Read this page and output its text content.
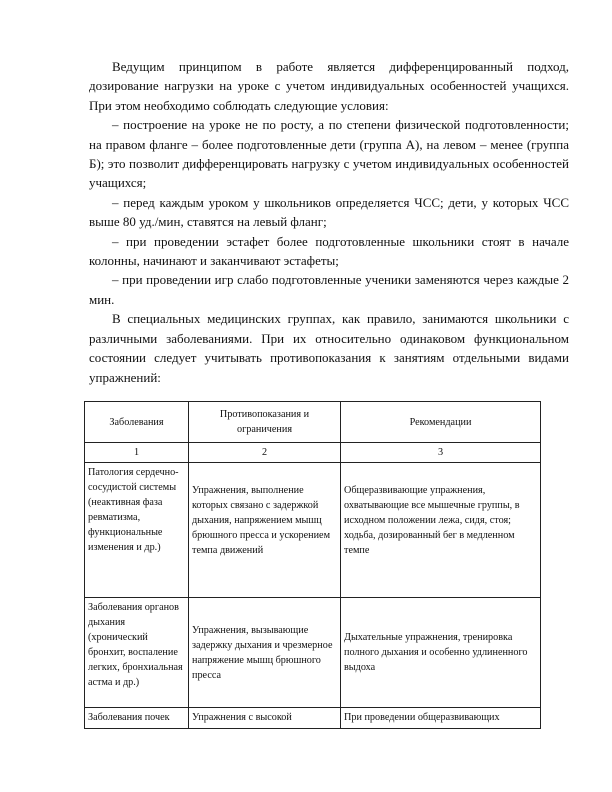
Ведущим принципом в работе является дифференцированный подход, дозирование нагрузки на уроке с учетом индивидуальных особенностей учащихся. При этом необходимо соблюдать следующие условия:

– построение на уроке не по росту, а по степени физической подготовленности; на правом фланге – более подготовленные дети (группа А), на левом – менее (группа Б); это позволит дифференцировать нагрузку с учетом индивидуальных особенностей учащихся;

– перед каждым уроком у школьников определяется ЧСС; дети, у которых ЧСС выше 80 уд./мин, ставятся на левый фланг;

– при проведении эстафет более подготовленные школьники стоят в начале колонны, начинают и заканчивают эстафеты;

– при проведении игр слабо подготовленные ученики заменяются через каждые 2 мин.

В специальных медицинских группах, как правило, занимаются школьники с различными заболеваниями. При их относительно одинаковом функциональном состоянии следует учитывать противопоказания к занятиям отдельными видами упражнений:

Заболевания	Противопоказания и ограничения	Рекомендации
1	2	3
Патология сердечно-сосудистой системы (неактивная фаза ревматизма, функциональные изменения и др.)	Упражнения, выполнение которых связано с задержкой дыхания, напряжением мышц брюшного пресса и ускорением темпа движений	Общеразвивающие упражнения, охватывающие все мышечные группы, в исходном положении лежа, сидя, стоя; ходьба, дозированный бег в медленном темпе

Заболевания органов дыхания (хронический бронхит, воспаление легких, бронхиальная астма и др.)	Упражнения, вызывающие задержку дыхания и чрезмерное напряжение мышц брюшного пресса	Дыхательные упражнения, тренировка полного дыхания и особенно удлиненного выдоха
Заболевания почек	Упражнения с высокой	При проведении общеразвивающих
